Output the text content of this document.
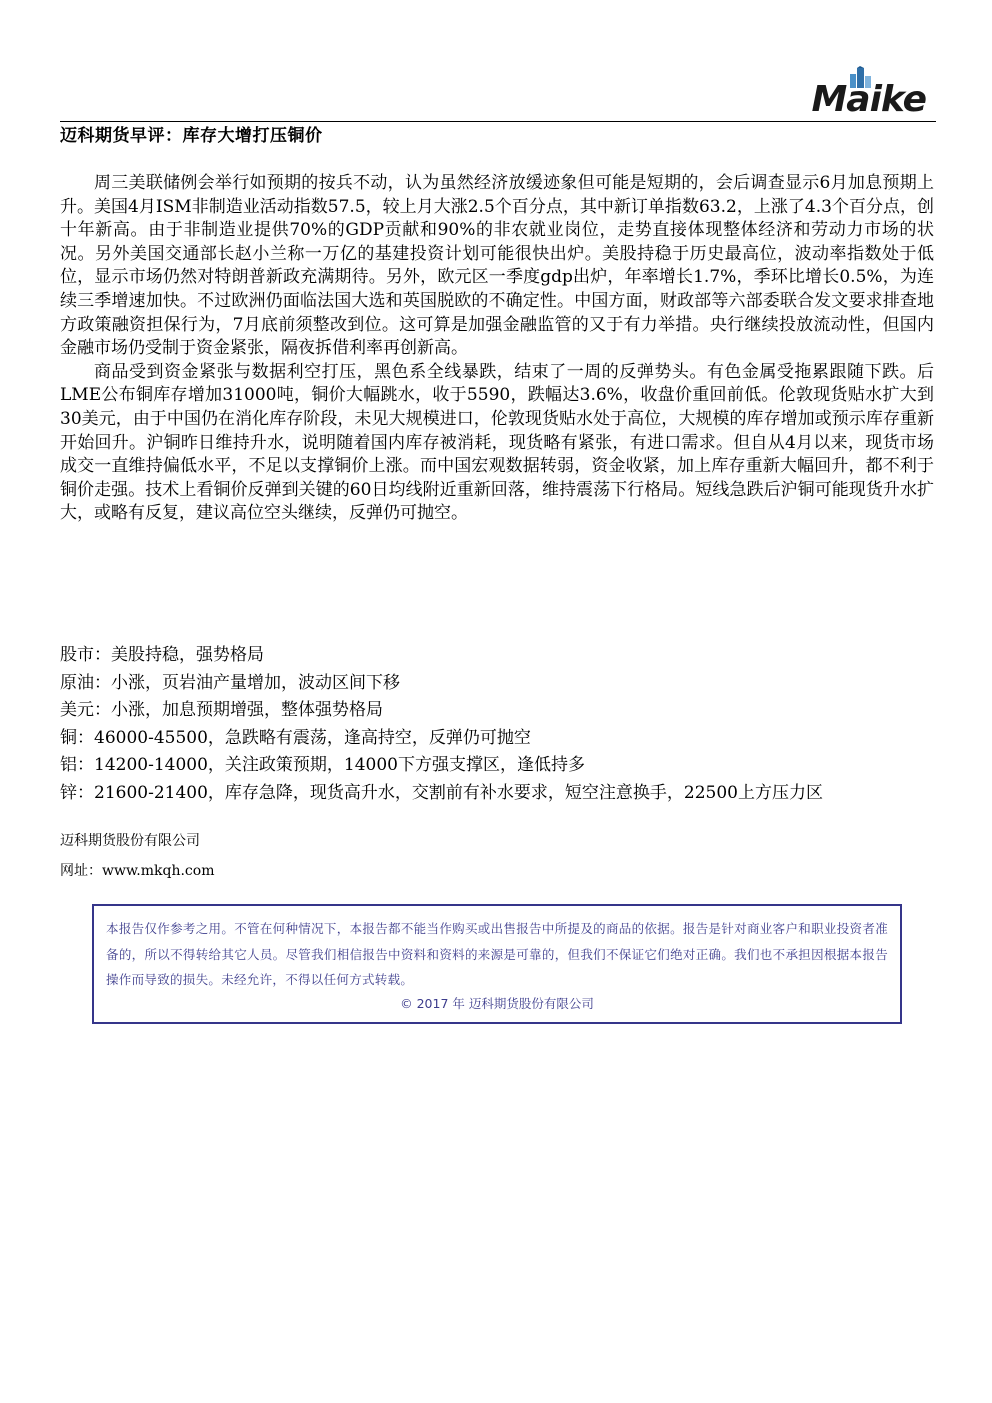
Maike
迈科期货早评：库存大增打压铜价

周三美联储例会举行如预期的按兵不动，认为虽然经济放缓迹象但可能是短期的，会后调查显示6月加息预期上升。美国4月ISM非制造业活动指数57.5，较上月大涨2.5个百分点，其中新订单指数63.2，上涨了4.3个百分点，创十年新高。由于非制造业提供70%的GDP贡献和90%的非农就业岗位，走势直接体现整体经济和劳动力市场的状况。另外美国交通部长赵小兰称一万亿的基建投资计划可能很快出炉。美股持稳于历史最高位，波动率指数处于低位，显示市场仍然对特朗普新政充满期待。另外，欧元区一季度gdp出炉，年率增长1.7%，季环比增长0.5%，为连续三季增速加快。不过欧洲仍面临法国大选和英国脱欧的不确定性。中国方面，财政部等六部委联合发文要求排查地方政策融资担保行为，7月底前须整改到位。这可算是加强金融监管的又于有力举措。央行继续投放流动性，但国内金融市场仍受制于资金紧张，隔夜拆借利率再创新高。

商品受到资金紧张与数据利空打压，黑色系全线暴跌，结束了一周的反弹势头。有色金属受拖累跟随下跌。后LME公布铜库存增加31000吨，铜价大幅跳水，收于5590，跌幅达3.6%，收盘价重回前低。伦敦现货贴水扩大到30美元，由于中国仍在消化库存阶段，未见大规模进口，伦敦现货贴水处于高位，大规模的库存增加或预示库存重新开始回升。沪铜昨日维持升水，说明随着国内库存被消耗，现货略有紧张，有进口需求。但自从4月以来，现货市场成交一直维持偏低水平，不足以支撑铜价上涨。而中国宏观数据转弱，资金收紧，加上库存重新大幅回升，都不利于铜价走强。技术上看铜价反弹到关键的60日均线附近重新回落，维持震荡下行格局。短线急跌后沪铜可能现货升水扩大，或略有反复，建议高位空头继续，反弹仍可抛空。

股市：美股持稳，强势格局
原油：小涨，页岩油产量增加，波动区间下移
美元：小涨，加息预期增强，整体强势格局
铜：46000-45500，急跌略有震荡，逢高持空，反弹仍可抛空
铝：14200-14000，关注政策预期，14000下方强支撑区，逢低持多
锌：21600-21400，库存急降，现货高升水，交割前有补水要求，短空注意换手，22500上方压力区
迈科期货股份有限公司
网址：www.mkqh.com
本报告仅作参考之用。不管在何种情况下，本报告都不能当作购买或出售报告中所提及的商品的依据。报告是针对商业客户和职业投资者准备的，所以不得转给其它人员。尽管我们相信报告中资料和资料的来源是可靠的，但我们不保证它们绝对正确。我们也不承担因根据本报告操作而导致的损失。未经允许，不得以任何方式转载。
© 2017 年 迈科期货股份有限公司
